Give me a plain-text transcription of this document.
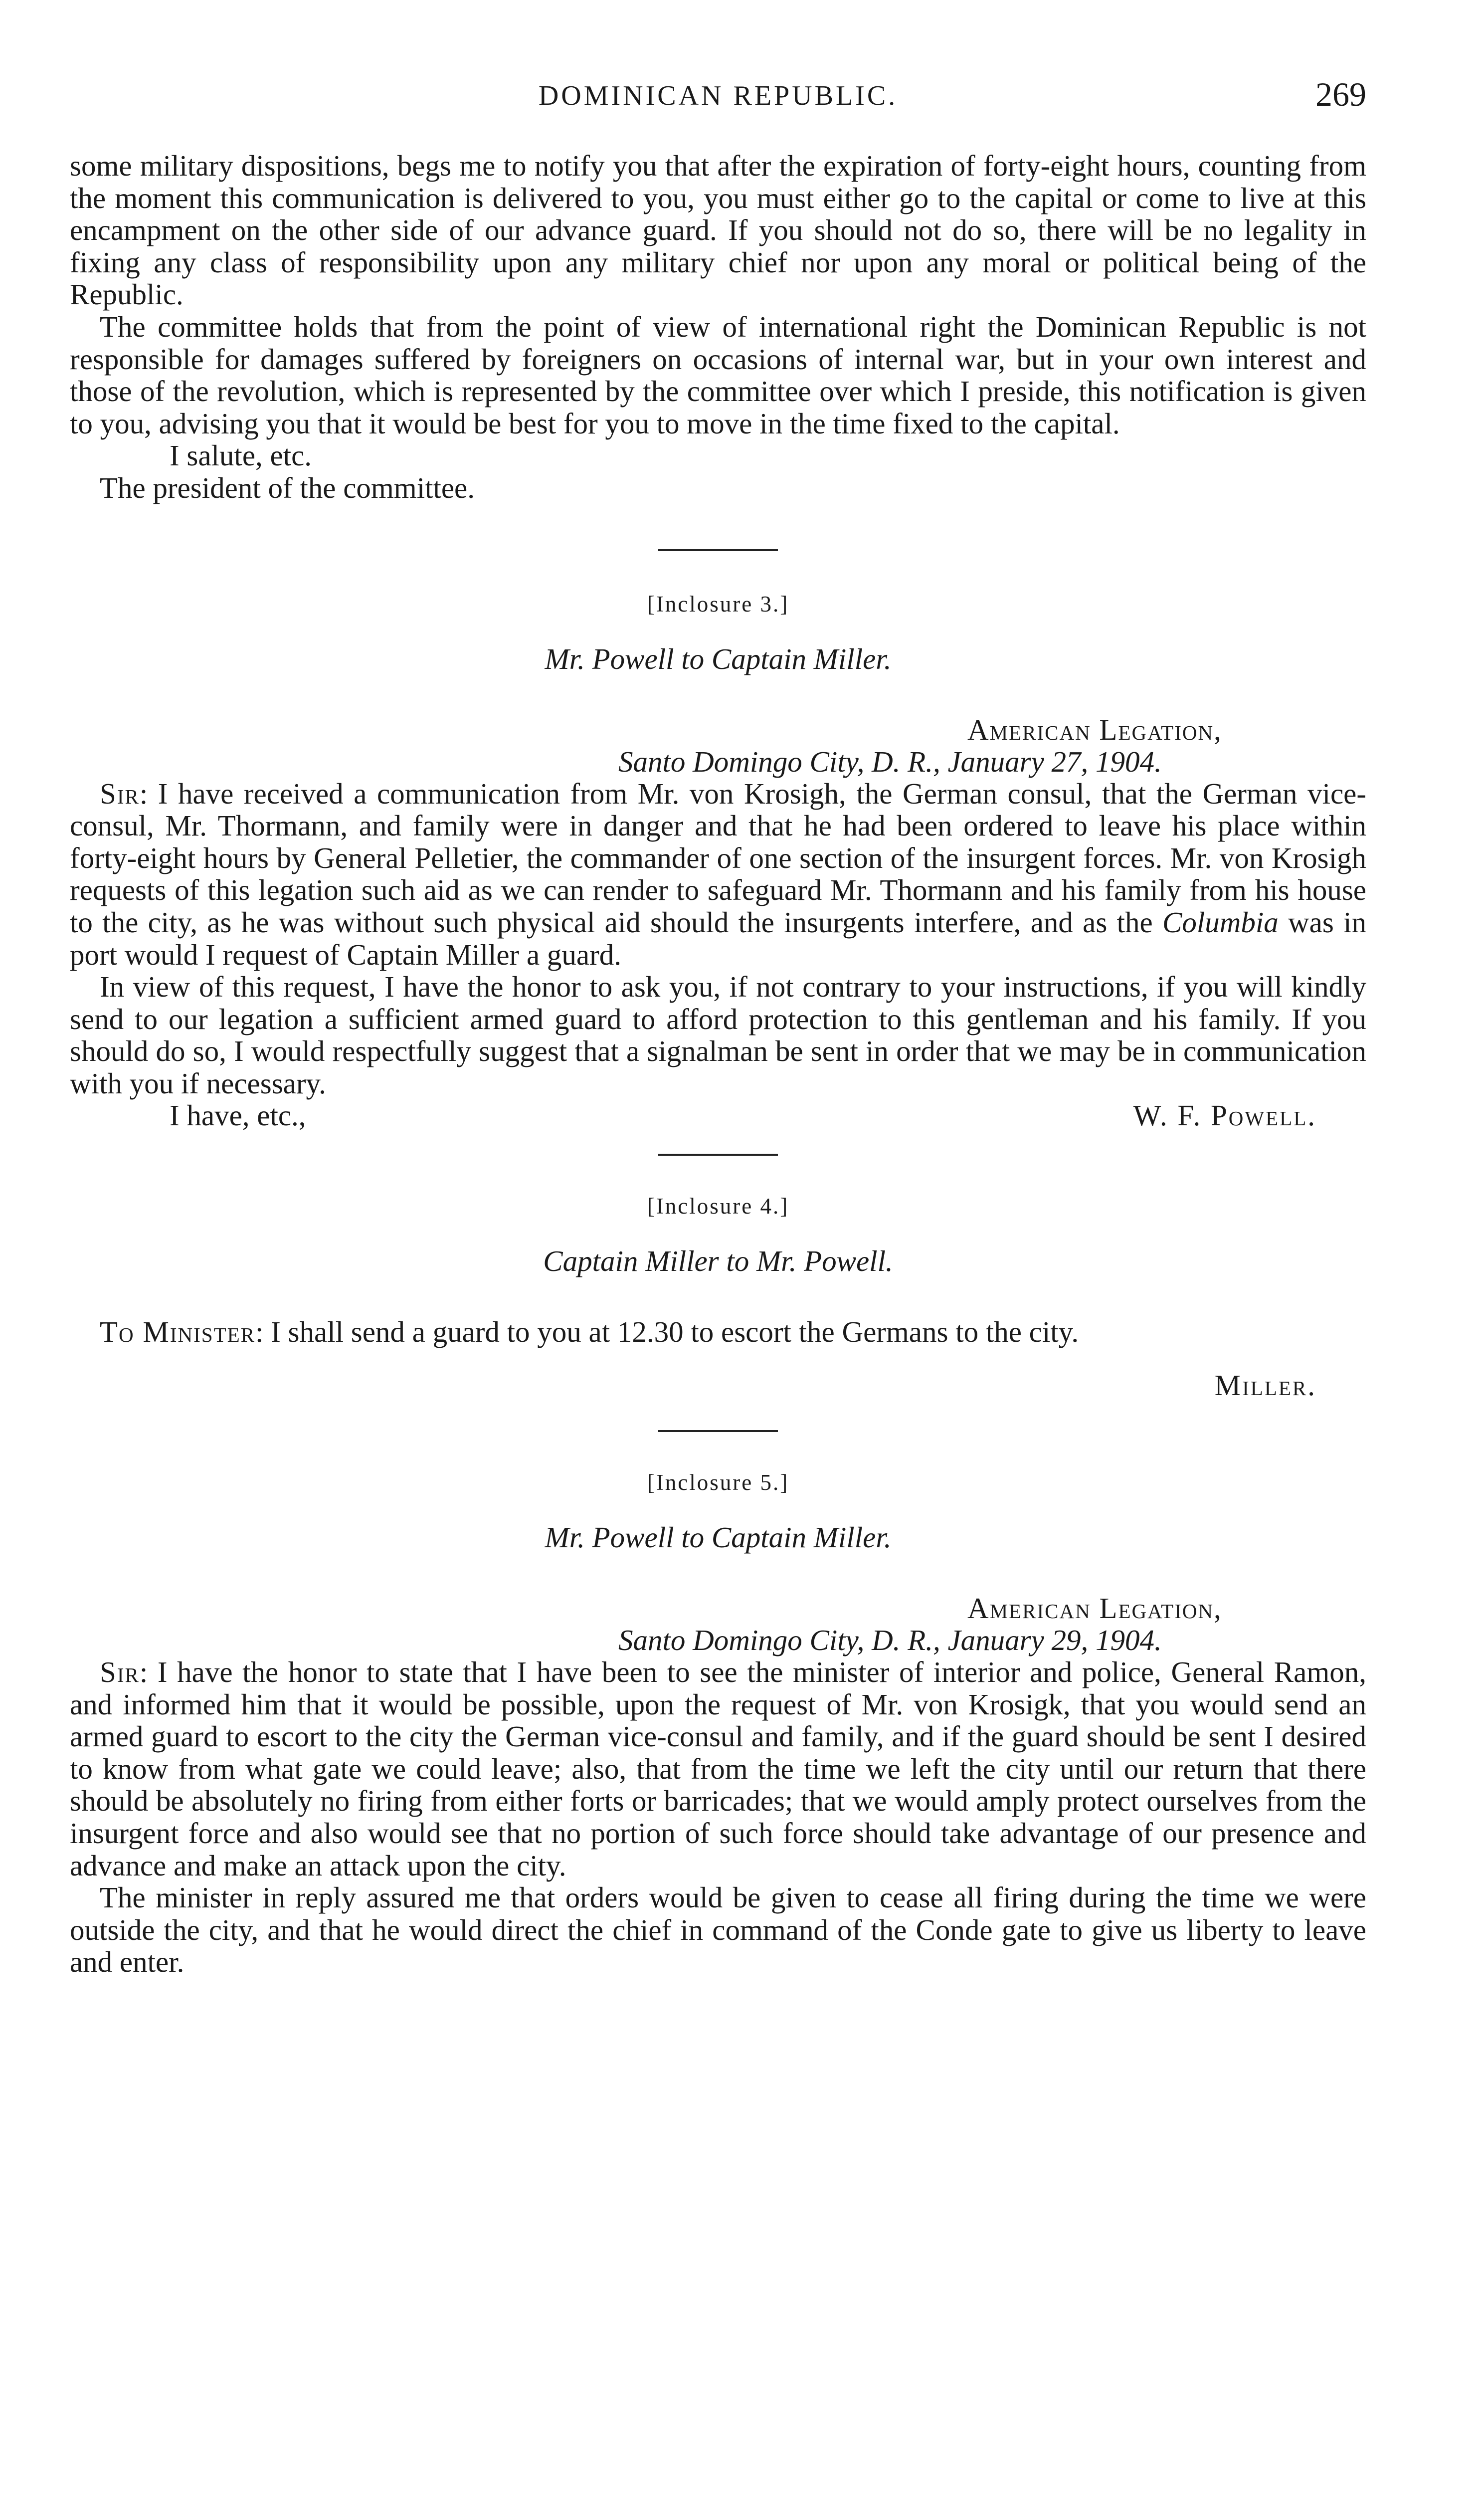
DOMINICAN REPUBLIC.	269

some military dispositions, begs me to notify you that after the expiration of forty-eight hours, counting from the moment this communication is delivered to you, you must either go to the capital or come to live at this encampment on the other side of our advance guard. If you should not do so, there will be no legality in fixing any class of responsibility upon any military chief nor upon any moral or political being of the Republic.

The committee holds that from the point of view of international right the Dominican Republic is not responsible for damages suffered by foreigners on occasions of internal war, but in your own interest and those of the revolution, which is represented by the committee over which I preside, this notification is given to you, advising you that it would be best for you to move in the time fixed to the capital.

I salute, etc.

The president of the committee.

[Inclosure 3.]
Mr. Powell to Captain Miller.
American Legation,
Santo Domingo City, D. R., January 27, 1904.

Sir: I have received a communication from Mr. von Krosigh, the German consul, that the German vice-consul, Mr. Thormann, and family were in danger and that he had been ordered to leave his place within forty-eight hours by General Pelletier, the commander of one section of the insurgent forces. Mr. von Krosigh requests of this legation such aid as we can render to safeguard Mr. Thormann and his family from his house to the city, as he was without such physical aid should the insurgents interfere, and as the Columbia was in port would I request of Captain Miller a guard.

In view of this request, I have the honor to ask you, if not contrary to your instructions, if you will kindly send to our legation a sufficient armed guard to afford protection to this gentleman and his family. If you should do so, I would respectfully suggest that a signalman be sent in order that we may be in communication with you if necessary.

I have, etc.,	W. F. Powell.
[Inclosure 4.]
Captain Miller to Mr. Powell.

To Minister: I shall send a guard to you at 12.30 to escort the Germans to the city.

Miller.
[Inclosure 5.]
Mr. Powell to Captain Miller.
American Legation,
Santo Domingo City, D. R., January 29, 1904.

Sir: I have the honor to state that I have been to see the minister of interior and police, General Ramon, and informed him that it would be possible, upon the request of Mr. von Krosigk, that you would send an armed guard to escort to the city the German vice-consul and family, and if the guard should be sent I desired to know from what gate we could leave; also, that from the time we left the city until our return that there should be absolutely no firing from either forts or barricades; that we would amply protect ourselves from the insurgent force and also would see that no portion of such force should take advantage of our presence and advance and make an attack upon the city.

The minister in reply assured me that orders would be given to cease all firing during the time we were outside the city, and that he would direct the chief in command of the Conde gate to give us liberty to leave and enter.
